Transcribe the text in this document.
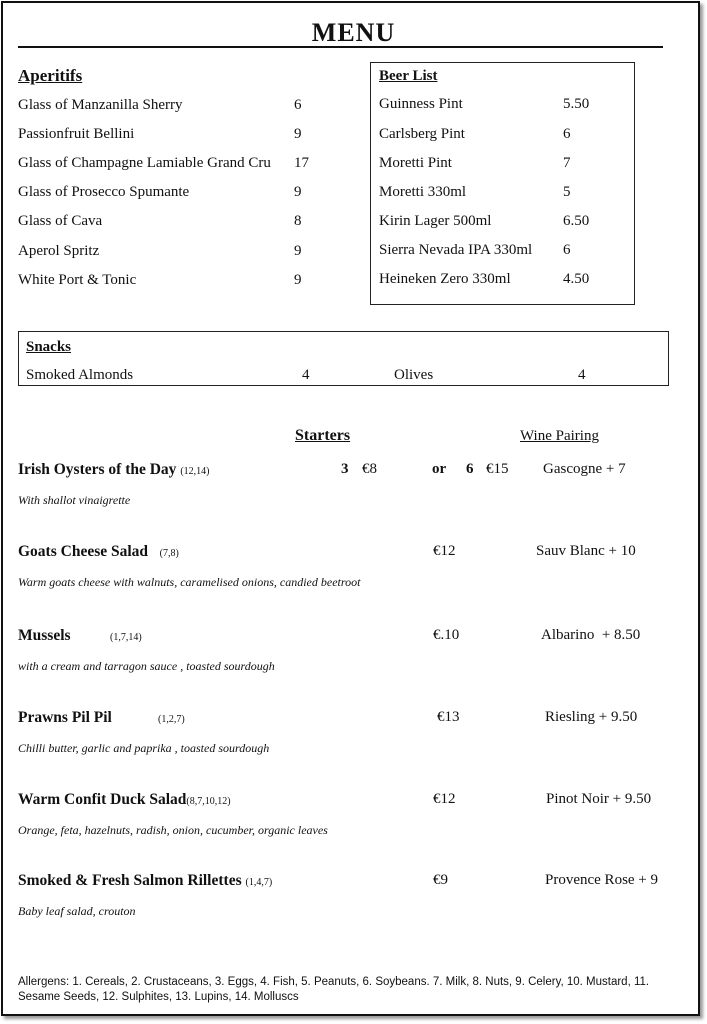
MENU
Aperitifs
Glass of Manzanilla Sherry	6
Passionfruit Bellini	9
Glass of Champagne Lamiable Grand Cru 17
Glass of Prosecco Spumante	9
Glass of Cava	8
Aperol Spritz	9
White Port & Tonic	9
Beer List
Guinness Pint	5.50
Carlsberg Pint	6
Moretti Pint	7
Moretti 330ml	5
Kirin Lager 500ml	6.50
Sierra Nevada IPA 330ml 6
Heineken Zero 330ml	4.50
Snacks
Smoked Almonds	4	Olives	4
Starters	Wine Pairing
Irish Oysters of the Day (12,14)	3 €8	or 6 €15 Gascogne + 7
With shallot vinaigrette
Goats Cheese Salad (7,8)	€12	Sauv Blanc + 10
Warm goats cheese with walnuts, caramelised onions, candied beetroot
Mussels	(1,7,14)	€.10	Albarino  + 8.50
with a cream and tarragon sauce , toasted sourdough
Prawns Pil Pil	(1,2,7)	€13	Riesling + 9.50
Chilli butter, garlic and paprika , toasted sourdough
Warm Confit Duck Salad(8,7,10,12)	€12	Pinot Noir + 9.50
Orange, feta, hazelnuts, radish, onion, cucumber, organic leaves
Smoked & Fresh Salmon Rillettes (1,4,7)	€9	Provence Rose + 9
Baby leaf salad, crouton
Allergens: 1. Cereals, 2. Crustaceans, 3. Eggs, 4. Fish, 5. Peanuts, 6. Soybeans. 7. Milk, 8. Nuts, 9. Celery, 10. Mustard, 11. Sesame Seeds, 12. Sulphites, 13. Lupins, 14. Molluscs
